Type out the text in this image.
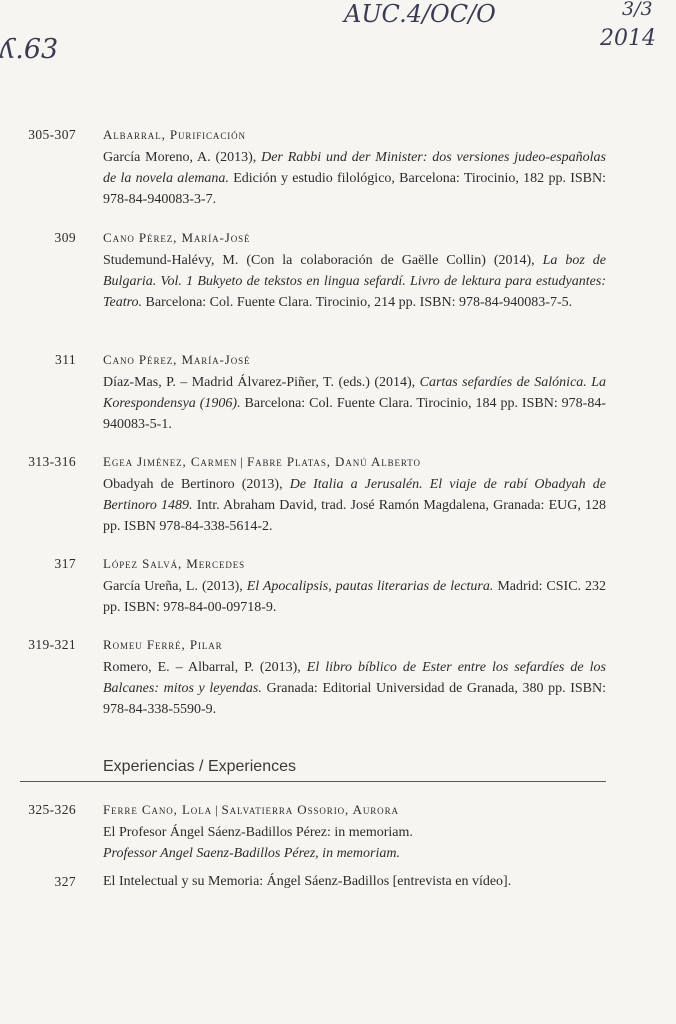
ʎ.63
AUC.4/OC/O	3/3
2014
305-307 Albarral, Purificación

García Moreno, A. (2013), Der Rabbi und der Minister: dos versiones judeo-españolas de la novela alemana. Edición y estudio filológico, Barcelona: Tirocinio, 182 pp. ISBN: 978-84-940083-3-7.

309 Cano Pérez, María-José

Studemund-Halévy, M. (Con la colaboración de Gaëlle Collin) (2014), La boz de Bulgaria. Vol. 1 Bukyeto de tekstos en lingua sefardí. Livro de lektura para estudyantes: Teatro. Barcelona: Col. Fuente Clara. Tirocinio, 214 pp. ISBN: 978-84-940083-7-5.

311 Cano Pérez, María-José

Díaz-Mas, P. – Madrid Álvarez-Piñer, T. (eds.) (2014), Cartas sefardíes de Salónica. La Korespondensya (1906). Barcelona: Col. Fuente Clara. Tirocinio, 184 pp. ISBN: 978-84-940083-5-1.

313-316 Egea Jiménez, Carmen | Fabre Platas, Danú Alberto

Obadyah de Bertinoro (2013), De Italia a Jerusalén. El viaje de rabí Obadyah de Bertinoro 1489. Intr. Abraham David, trad. José Ramón Magdalena, Granada: EUG, 128 pp. ISBN 978-84-338-5614-2.

317 López Salvá, Mercedes

García Ureña, L. (2013), El Apocalipsis, pautas literarias de lectura. Madrid: CSIC. 232 pp. ISBN: 978-84-00-09718-9.

319-321 Romeu Ferré, Pilar

Romero, E. – Albarral, P. (2013), El libro bíblico de Ester entre los sefardíes de los Balcanes: mitos y leyendas. Granada: Editorial Universidad de Granada, 380 pp. ISBN: 978-84-338-5590-9.

Experiencias / Experiences
325-326 Ferre Cano, Lola | Salvatierra Ossorio, Aurora
El Profesor Ángel Sáenz-Badillos Pérez: in memoriam.
Professor Angel Saenz-Badillos Pérez, in memoriam.
327 El Intelectual y su Memoria: Ángel Sáenz-Badillos [entrevista en vídeo].
